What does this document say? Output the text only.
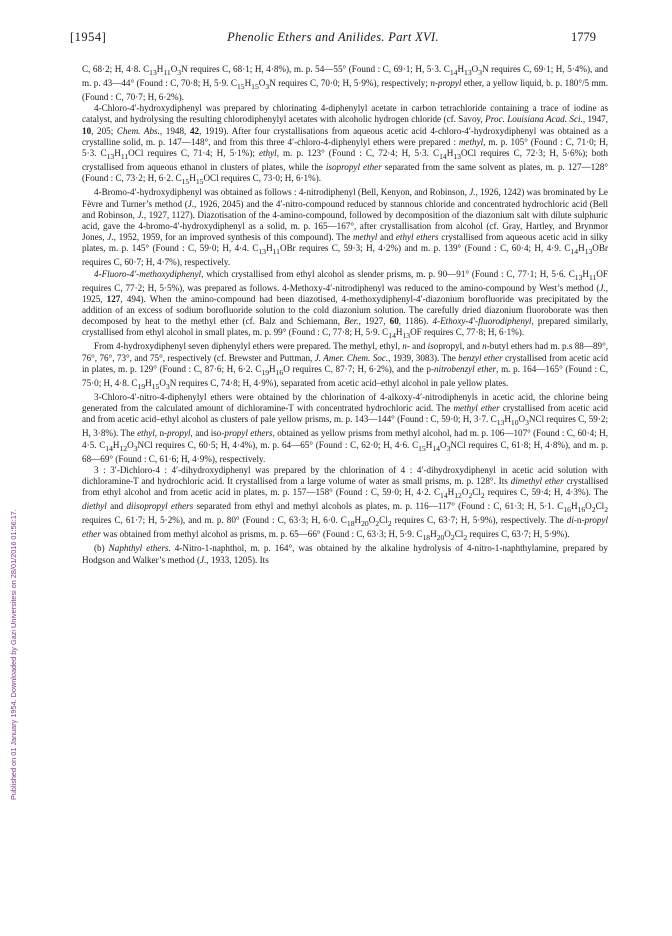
[1954]	Phenolic Ethers and Anilides. Part XVI.	1779
Published on 01 January 1954. Downloaded by Gazi Universitesi on 28/01/2016 01:56:17.

C, 68·2; H, 4·8. $C_{13}H_{11}O_3N$ requires C, 68·1; H, 4·8%), m. p. 54—55° (Found : C, 69·1; H, 5·3. $C_{14}H_{13}O_3N$ requires C, 69·1; H, 5·4%), and m. p. 43—44° (Found : C, 70·8; H, 5·9. $C_{15}H_{15}O_3N$ requires C, 70·0; H, 5·9%), respectively; n-propyl ether, a yellow liquid, b. p. 180°/5 mm. (Found : C, 70·7; H, 6·2%).

4-Chloro-4′-hydroxydiphenyl was prepared by chlorinating 4-diphenylyl acetate in carbon tetrachloride containing a trace of iodine as catalyst, and hydrolysing the resulting chlorodiphenylyl acetates with alcoholic hydrogen chloride (cf. Savoy, Proc. Louisiana Acad. Sci., 1947, 10, 205; Chem. Abs., 1948, 42, 1919). After four crystallisations from aqueous acetic acid 4-chloro-4′-hydroxydiphenyl was obtained as a crystalline solid, m. p. 147—148°, and from this three 4′-chloro-4-diphenylyl ethers were prepared : methyl, m. p. 105° (Found : C, 71·0; H, 5·3. $C_{13}H_{11}OCl$ requires C, 71·4; H, 5·1%); ethyl, m. p. 123° (Found : C, 72·4; H, 5·3. $C_{14}H_{13}OCl$ requires C, 72·3; H, 5·6%); both crystallised from aqueous ethanol in clusters of plates, while the isopropyl ether separated from the same solvent as plates, m. p. 127—128° (Found : C, 73·2; H, 6·2. $C_{15}H_{15}OCl$ requires C, 73·0; H, 6·1%).

4-Bromo-4′-hydroxydiphenyl was obtained as follows : 4-nitrodiphenyl (Bell, Kenyon, and Robinson, J., 1926, 1242) was brominated by Le Fèvre and Turner’s method (J., 1926, 2045) and the 4′-nitro-compound reduced by stannous chloride and concentrated hydrochloric acid (Bell and Robinson, J., 1927, 1127). Diazotisation of the 4-amino-compound, followed by decomposition of the diazonium salt with dilute sulphuric acid, gave the 4-bromo-4′-hydroxydiphenyl as a solid, m. p. 165—167°, after crystallisation from alcohol (cf. Gray, Hartley, and Brynmor Jones, J., 1952, 1959, for an improved synthesis of this compound). The methyl and ethyl ethers crystallised from aqueous acetic acid in silky plates, m. p. 145° (Found : C, 59·0; H, 4·4. $C_{13}H_{11}OBr$ requires C, 59·3; H, 4·2%) and m. p. 139° (Found : C, 60·4; H, 4·9. $C_{14}H_{13}OBr$ requires C, 60·7; H, 4·7%), respectively.

4-Fluoro-4′-methoxydiphenyl, which crystallised from ethyl alcohol as slender prisms, m. p. 90—91° (Found : C, 77·1; H, 5·6. $C_{13}H_{11}OF$ requires C, 77·2; H, 5·5%), was prepared as follows. 4-Methoxy-4′-nitrodiphenyl was reduced to the amino-compound by West’s method (J., 1925, 127, 494). When the amino-compound had been diazotised, 4-methoxydiphenyl-4′-diazonium borofluoride was precipitated by the addition of an excess of sodium borofluoride solution to the cold diazonium solution. The carefully dried diazonium fluoroborate was then decomposed by heat to the methyl ether (cf. Balz and Schiemann, Ber., 1927, 60, 1186). 4-Ethoxy-4′-fluorodiphenyl, prepared similarly, crystallised from ethyl alcohol in small plates, m. p. 99° (Found : C, 77·8; H, 5·9. $C_{14}H_{13}OF$ requires C, 77·8; H, 6·1%).

From 4-hydroxydiphenyl seven diphenylyl ethers were prepared. The methyl, ethyl, n- and isopropyl, and n-butyl ethers had m. p.s 88—89°, 76°, 76°, 73°, and 75°, respectively (cf. Brewster and Puttman, J. Amer. Chem. Soc., 1939, 3083). The benzyl ether crystallised from acetic acid in plates, m. p. 129° (Found : C, 87·6; H, 6·2. $C_{19}H_{16}O$ requires C, 87·7; H, 6·2%), and the p-nitrobenzyl ether, m. p. 164—165° (Found : C, 75·0; H, 4·8. $C_{19}H_{15}O_3N$ requires C, 74·8; H, 4·9%), separated from acetic acid–ethyl alcohol in pale yellow plates.

3-Chloro-4′-nitro-4-diphenylyl ethers were obtained by the chlorination of 4-alkoxy-4′-nitrodiphenyls in acetic acid, the chlorine being generated from the calculated amount of dichloramine-T with concentrated hydrochloric acid. The methyl ether crystallised from acetic acid and from acetic acid–ethyl alcohol as clusters of pale yellow prisms, m. p. 143—144° (Found : C, 59·0; H, 3·7. $C_{13}H_{10}O_3NCl$ requires C, 59·2; H, 3·8%). The ethyl, n-propyl, and iso-propyl ethers, obtained as yellow prisms from methyl alcohol, had m. p. 106—107° (Found : C, 60·4; H, 4·5. $C_{14}H_{12}O_3NCl$ requires C, 60·5; H, 4·4%), m. p. 64—65° (Found : C, 62·0; H, 4·6. $C_{15}H_{14}O_3NCl$ requires C, 61·8; H, 4·8%), and m. p. 68—69° (Found : C, 61·6; H, 4·9%), respectively.

3 : 3′-Dichloro-4 : 4′-dihydroxydiphenyl was prepared by the chlorination of 4 : 4′-dihydroxydiphenyl in acetic acid solution with dichloramine-T and hydrochloric acid. It crystallised from a large volume of water as small prisms, m. p. 128°. Its dimethyl ether crystallised from ethyl alcohol and from acetic acid in plates, m. p. 157—158° (Found : C, 59·0; H, 4·2. $C_{14}H_{12}O_2Cl_2$ requires C, 59·4; H, 4·3%). The diethyl and diisopropyl ethers separated from ethyl and methyl alcohols as plates, m. p. 116—117° (Found : C, 61·3; H, 5·1. $C_{16}H_{16}O_2Cl_2$ requires C, 61·7; H, 5·2%), and m. p. 80° (Found : C, 63·3; H, 6·0. $C_{18}H_{20}O_2Cl_2$ requires C, 63·7; H, 5·9%), respectively. The di-n-propyl ether was obtained from methyl alcohol as prisms, m. p. 65—66° (Found : C, 63·3; H, 5·9. $C_{18}H_{20}O_2Cl_2$ requires C, 63·7; H, 5·9%).

(b) Naphthyl ethers. 4-Nitro-1-naphthol, m. p. 164°, was obtained by the alkaline hydrolysis of 4-nitro-1-naphthylamine, prepared by Hodgson and Walker’s method (J., 1933, 1205). Its
